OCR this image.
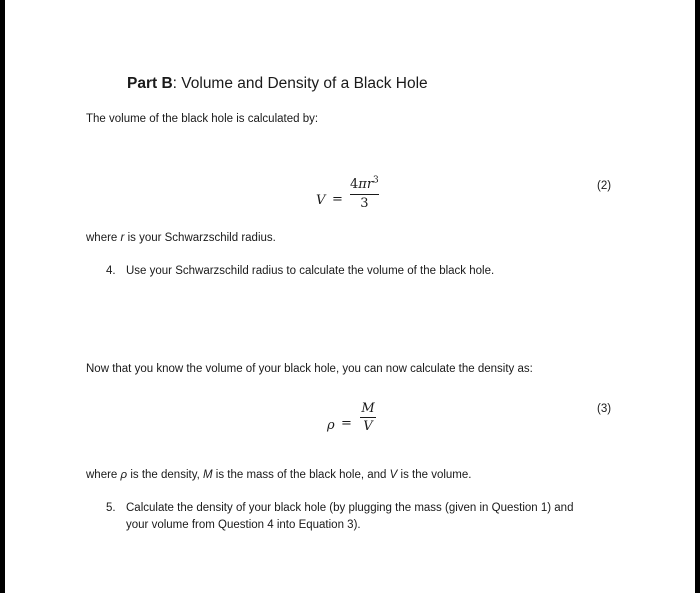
Part B: Volume and Density of a Black Hole
The volume of the black hole is calculated by:
V =
$4\pi r^3$
3
(2)
where r is your Schwarzschild radius.
4. Use your Schwarzschild radius to calculate the volume of the black hole.
Now that you know the volume of your black hole, you can now calculate the density as:
ρ =
M
V
(3)
where ρ is the density, M is the mass of the black hole, and V is the volume.
5. Calculate the density of your black hole (by plugging the mass (given in Question 1) and
your volume from Question 4 into Equation 3).
